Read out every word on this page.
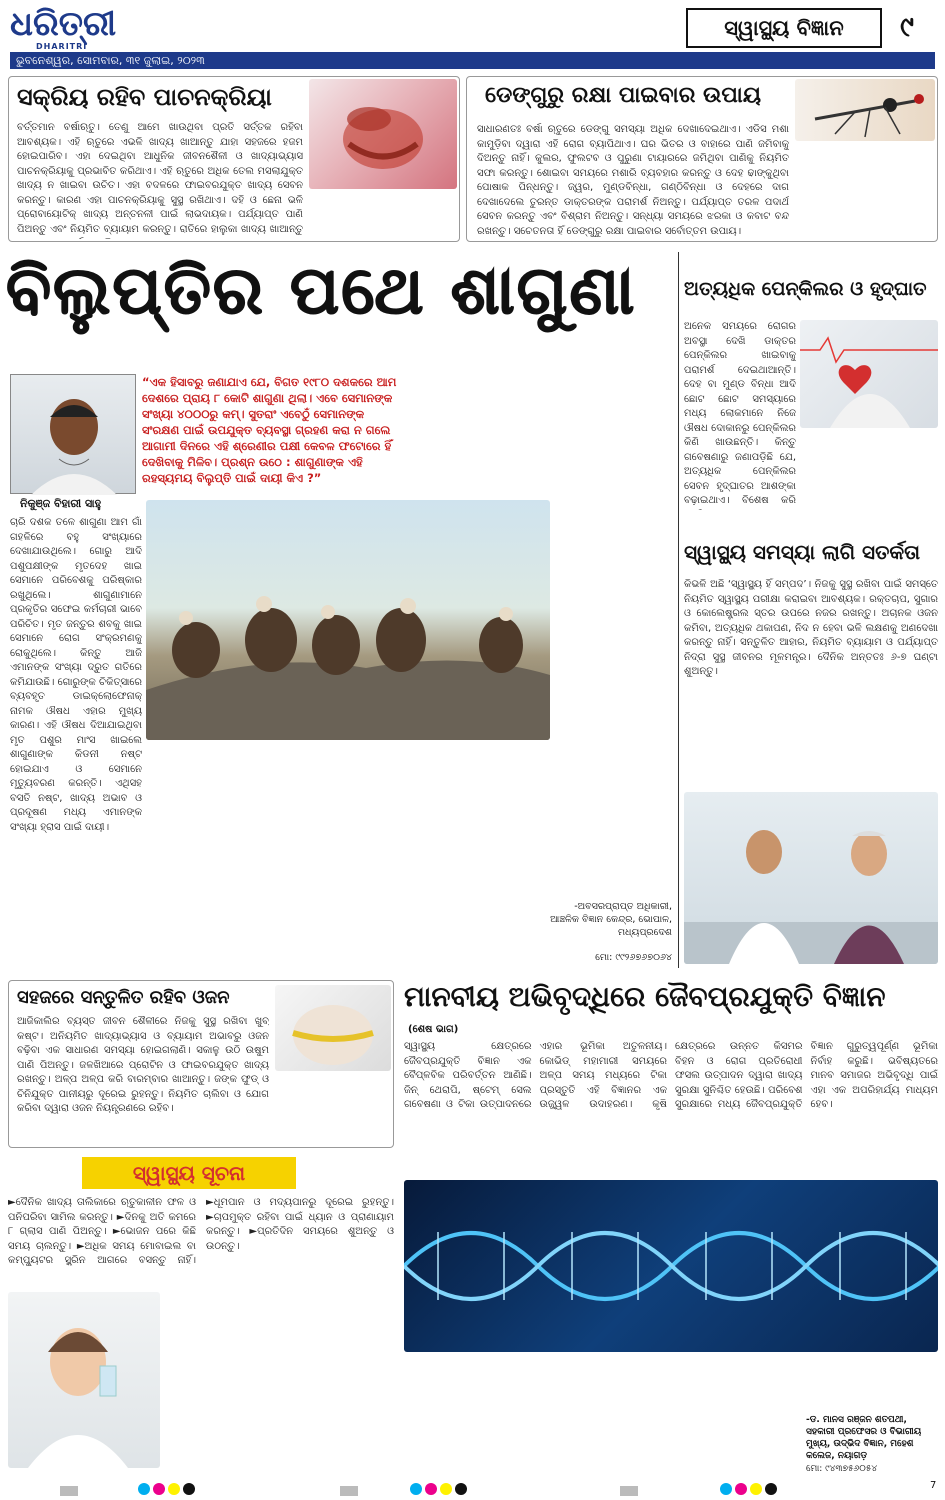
ଧରିତ୍ରୀ
DHARITRI
ସ୍ୱାସ୍ଥ୍ୟ ବିଜ୍ଞାନ	୯
ଭୁବନେଶ୍ୱର, ସୋମବାର, ୩୧ ଜୁଲାଇ, ୨୦୨୩
ସକ୍ରିୟ ରହିବ ପାଚନକ୍ରିୟା
ବର୍ତ୍ତମାନ ବର୍ଷାଋତୁ। ତେଣୁ ଆମେ ଖାଉଥିବା ପ୍ରତି ସର୍ତ୍ତକ ରହିବା ଆବଶ୍ୟକ। ଏହି ଋତୁରେ ଏଭଳି ଖାଦ୍ୟ ଖାଆନ୍ତୁ ଯାହା ସହଜରେ ହଜମ ହୋଇପାରିବ। ଏହା ଦେଇଥିବା ଆଧୁନିକ ଜୀବନଶୈଳୀ ଓ ଖାଦ୍ୟାଭ୍ୟାସ ପାଚନକ୍ରିୟାକୁ ପ୍ରଭାବିତ କରିଥାଏ। ଏହି ଋତୁରେ ଅଧିକ ତେଲ ମସଲାଯୁକ୍ତ ଖାଦ୍ୟ ନ ଖାଇବା ଉଚିତ। ଏହା ବଦଳରେ ଫାଇବରଯୁକ୍ତ ଖାଦ୍ୟ ସେବନ କରନ୍ତୁ। କାରଣ ଏହା ପାଚନକ୍ରିୟାକୁ ସୁସ୍ଥ ରଖିଥାଏ। ଦହି ଓ ଛେନା ଭଳି ପ୍ରୋବାୟୋଟିକ୍ ଖାଦ୍ୟ ଅନ୍ତନଳୀ ପାଇଁ ଲାଭଦାୟକ। ପର୍ଯ୍ୟାପ୍ତ ପାଣି ପିଅନ୍ତୁ ଏବଂ ନିୟମିତ ବ୍ୟାୟାମ କରନ୍ତୁ। ରାତିରେ ହାଲୁକା ଖାଦ୍ୟ ଖାଆନ୍ତୁ
ଡେଙ୍ଗୁରୁ ରକ୍ଷା ପାଇବାର ଉପାୟ
ସାଧାରଣତଃ ବର୍ଷା ଋତୁରେ ଡେଙ୍ଗୁ ସମସ୍ୟା ଅଧିକ ଦେଖାଦେଇଥାଏ। ଏଡିସ ମଶା କାମୁଡ଼ିବା ଦ୍ୱାରା ଏହି ରୋଗ ବ୍ୟାପିଥାଏ। ଘର ଭିତର ଓ ବାହାରେ ପାଣି ଜମିବାକୁ ଦିଅନ୍ତୁ ନାହିଁ। କୁଲର, ଫୁଲଟବ ଓ ପୁରୁଣା ଟାୟାରରେ ଜମିଥିବା ପାଣିକୁ ନିୟମିତ ସଫା କରନ୍ତୁ। ଶୋଇବା ସମୟରେ ମଶାରି ବ୍ୟବହାର କରନ୍ତୁ ଓ ଦେହ ଢାଙ୍କୁଥିବା ପୋଷାକ ପିନ୍ଧନ୍ତୁ। ଜ୍ୱର, ମୁଣ୍ଡବିନ୍ଧା, ଗଣ୍ଠିବିନ୍ଧା ଓ ଦେହରେ ଦାଗ ଦେଖାଦେଲେ ତୁରନ୍ତ ଡାକ୍ତରଙ୍କ ପରାମର୍ଶ ନିଅନ୍ତୁ। ପର୍ଯ୍ୟାପ୍ତ ତରଳ ପଦାର୍ଥ ସେବନ କରନ୍ତୁ ଏବଂ ବିଶ୍ରାମ ନିଅନ୍ତୁ। ସନ୍ଧ୍ୟା ସମୟରେ ଝରକା ଓ କବାଟ ବନ୍ଦ ରଖନ୍ତୁ। ସଚେତନତା ହିଁ ଡେଙ୍ଗୁରୁ ରକ୍ଷା ପାଇବାର ସର୍ବୋତ୍ତମ ଉପାୟ।
ବିଲୁପ୍ତିର ପଥେ ଶାଗୁଣା
ନିକୁଞ୍ଜ ବିହାରୀ ସାହୁ
“ଏକ ହିସାବରୁ ଜଣାଯାଏ ଯେ, ବିଗତ ୧୯୮୦ ଦଶକରେ ଆମ ଦେଶରେ ପ୍ରାୟ ୮ କୋଟି ଶାଗୁଣା ଥିଲା। ଏବେ ସେମାନଙ୍କ ସଂଖ୍ୟା ୪୦୦୦ରୁ କମ୍। ସୁତରାଂ ଏବେଠୁଁ ସେମାନଙ୍କ ସଂରକ୍ଷଣ ପାଇଁ ଉପଯୁକ୍ତ ବ୍ୟବସ୍ଥା ଗ୍ରହଣ କରା ନ ଗଲେ ଆଗାମୀ ଦିନରେ ଏହି ଶ୍ରେଣୀର ପକ୍ଷୀ କେବଳ ଫଟୋରେ ହିଁ ଦେଖିବାକୁ ମିଳିବ। ପ୍ରଶ୍ନ ଉଠେ : ଶାଗୁଣାଙ୍କ ଏହି ରହସ୍ୟମୟ ବିଲୁପ୍ତି ପାଇଁ ଦାୟୀ କିଏ ?”
ଚାରି ଦଶକ ତଳେ ଶାଗୁଣା ଆମ ଗାଁ ଗହଳିରେ ବହୁ ସଂଖ୍ୟାରେ ଦେଖାଯାଉଥିଲେ। ଗୋରୁ ଆଦି ପଶୁପକ୍ଷୀଙ୍କ ମୃତଦେହ ଖାଇ ସେମାନେ ପରିବେଶକୁ ପରିଷ୍କାର ରଖୁଥିଲେ। ଶାଗୁଣାମାନେ ପ୍ରକୃତିର ସଫେଇ କର୍ମଚାରୀ ଭାବେ ପରିଚିତ। ମୃତ ଜନ୍ତୁର ଶବକୁ ଖାଇ ସେମାନେ ରୋଗ ସଂକ୍ରମଣକୁ ରୋକୁଥିଲେ। କିନ୍ତୁ ଆଜି ଏମାନଙ୍କ ସଂଖ୍ୟା ଦ୍ରୁତ ଗତିରେ କମିଯାଉଛି। ଗୋରୁଙ୍କ ଚିକିତ୍ସାରେ ବ୍ୟବହୃତ ଡାଇକ୍ଲୋଫେନାକ୍ ନାମକ ଔଷଧ ଏହାର ମୁଖ୍ୟ କାରଣ। ଏହି ଔଷଧ ଦିଆଯାଇଥିବା ମୃତ ପଶୁର ମାଂସ ଖାଇଲେ ଶାଗୁଣାଙ୍କ କିଡନୀ ନଷ୍ଟ ହୋଇଯାଏ ଓ ସେମାନେ ମୃତ୍ୟୁବରଣ କରନ୍ତି। ଏଥିସହ ବସତି ନଷ୍ଟ, ଖାଦ୍ୟ ଅଭାବ ଓ ପ୍ରଦୂଷଣ ମଧ୍ୟ ଏମାନଙ୍କ ସଂଖ୍ୟା ହ୍ରାସ ପାଇଁ ଦାୟୀ।
-ଅବସରପ୍ରାପ୍ତ ଅଧିକାରୀ, ଆଞ୍ଚଳିକ ବିଜ୍ଞାନ କେନ୍ଦ୍ର, ଭୋପାଳ, ମଧ୍ୟପ୍ରଦେଶ
ମୋ: ୯୯୨୬୭୬୭୦୬୪
ଅତ୍ୟଧିକ ପେନ୍‌କିଲର ଓ ହୃଦ୍‌ଘାତ
ଅନେକ ସମୟରେ ରୋଗର ଅବସ୍ଥା ଦେଖି ଡାକ୍ତର ପେନ୍‌କିଲର ଖାଇବାକୁ ପରାମର୍ଶ ଦେଇଥାଆନ୍ତି। ଦେହ ବା ମୁଣ୍ଡ ବିନ୍ଧା ଆଦି ଛୋଟ ଛୋଟ ସମସ୍ୟାରେ ମଧ୍ୟ ଲୋକମାନେ ନିଜେ ଔଷଧ ଦୋକାନରୁ ପେନ୍‌କିଲର କିଣି ଖାଉଛନ୍ତି। କିନ୍ତୁ ଗବେଷଣାରୁ ଜଣାପଡ଼ିଛି ଯେ, ଅତ୍ୟଧିକ ପେନ୍‌କିଲର ସେବନ ହୃଦ୍‌ଘାତର ଆଶଙ୍କା ବଢ଼ାଇଥାଏ। ବିଶେଷ କରି
ସ୍ୱାସ୍ଥ୍ୟ ସମସ୍ୟା ଲାଗି ସତର୍କତା
କିଭଳି ଅଛି ‘ସ୍ୱାସ୍ଥ୍ୟ ହିଁ ସମ୍ପଦ’। ନିଜକୁ ସୁସ୍ଥ ରଖିବା ପାଇଁ ସମସ୍ତେ ନିୟମିତ ସ୍ୱାସ୍ଥ୍ୟ ପରୀକ୍ଷା କରାଇବା ଆବଶ୍ୟକ। ରକ୍ତଚାପ, ସୁଗାର ଓ କୋଲେଷ୍ଟ୍ରଲ ସ୍ତର ଉପରେ ନଜର ରଖନ୍ତୁ। ଅଚାନକ ଓଜନ କମିବା, ଅତ୍ୟଧିକ ଥକାପଣ, ନିଦ ନ ହେବା ଭଳି ଲକ୍ଷଣକୁ ଅଣଦେଖା କରନ୍ତୁ ନାହିଁ। ସନ୍ତୁଳିତ ଆହାର, ନିୟମିତ ବ୍ୟାୟାମ ଓ ପର୍ଯ୍ୟାପ୍ତ ନିଦ୍ରା ସୁସ୍ଥ ଜୀବନର ମୂଳମନ୍ତ୍ର। ଦୈନିକ ଅନ୍ତତଃ ୬-୭ ଘଣ୍ଟା ଶୁଅନ୍ତୁ।
ସହଜରେ ସନ୍ତୁଳିତ ରହିବ ଓଜନ
ଆଜିକାଲିର ବ୍ୟସ୍ତ ଜୀବନ ଶୈଳୀରେ ନିଜକୁ ସୁସ୍ଥ ରଖିବା ଖୁବ୍ କଷ୍ଟ। ଅନିୟମିତ ଖାଦ୍ୟାଭ୍ୟାସ ଓ ବ୍ୟାୟାମ ଅଭାବରୁ ଓଜନ ବଢ଼ିବା ଏକ ସାଧାରଣ ସମସ୍ୟା ହୋଇଗଲାଣି। ସକାଳୁ ଉଠି ଉଷୁମ ପାଣି ପିଅନ୍ତୁ। ଜଳଖିଆରେ ପ୍ରୋଟିନ ଓ ଫାଇବରଯୁକ୍ତ ଖାଦ୍ୟ ରଖନ୍ତୁ। ଅଳ୍ପ ଅଳ୍ପ କରି ବାରମ୍ବାର ଖାଆନ୍ତୁ। ଜଙ୍କ ଫୁଡ୍ ଓ ଚିନିଯୁକ୍ତ ପାନୀୟରୁ ଦୂରେଇ ରୁହନ୍ତୁ। ନିୟମିତ ଚାଲିବା ଓ ଯୋଗ କରିବା ଦ୍ୱାରା ଓଜନ ନିୟନ୍ତ୍ରଣରେ ରହିବ।
ସ୍ୱାସ୍ଥ୍ୟ ସୂଚନା
►ଦୈନିକ ଖାଦ୍ୟ ତାଲିକାରେ ଋତୁକାଳୀନ ଫଳ ଓ ପନିପରିବା ସାମିଲ କରନ୍ତୁ। ►ଦିନକୁ ଅତି କମରେ ୮ ଗ୍ଲାସ ପାଣି ପିଅନ୍ତୁ। ►ଭୋଜନ ପରେ କିଛି ସମୟ ଚାଲନ୍ତୁ। ►ଅଧିକ ସମୟ ମୋବାଇଲ ବା କମ୍ପ୍ୟୁଟର ସ୍କ୍ରିନ ଆଗରେ ବସନ୍ତୁ ନାହିଁ। ►ଧୂମପାନ ଓ ମଦ୍ୟପାନରୁ ଦୂରେଇ ରୁହନ୍ତୁ। ►ଚାପମୁକ୍ତ ରହିବା ପାଇଁ ଧ୍ୟାନ ଓ ପ୍ରାଣାୟାମ କରନ୍ତୁ। ►ପ୍ରତିଦିନ ସମୟରେ ଶୁଅନ୍ତୁ ଓ ଉଠନ୍ତୁ।
ମାନବୀୟ ଅଭିବୃଦ୍ଧିରେ ଜୈବପ୍ରଯୁକ୍ତି ବିଜ୍ଞାନ
(ଶେଷ ଭାଗ)
ସ୍ୱାସ୍ଥ୍ୟ କ୍ଷେତ୍ରରେ ଜୈବପ୍ରଯୁକ୍ତି ବିଜ୍ଞାନ ଏକ ବୈପ୍ଳବିକ ପରିବର୍ତ୍ତନ ଆଣିଛି। ଜିନ୍ ଥେରାପି, ଷ୍ଟେମ୍ ସେଲ ଗବେଷଣା ଓ ଟିକା ଉତ୍ପାଦନରେ ଏହାର ଭୂମିକା ଅତୁଳନୀୟ। କୋଭିଡ୍ ମହାମାରୀ ସମୟରେ ଅଳ୍ପ ସମୟ ମଧ୍ୟରେ ଟିକା ପ୍ରସ୍ତୁତି ଏହି ବିଜ୍ଞାନର ଏକ ଉଜ୍ଜ୍ୱଳ ଉଦାହରଣ। କୃଷି କ୍ଷେତ୍ରରେ ଉନ୍ନତ କିସମର ବିହନ ଓ ରୋଗ ପ୍ରତିରୋଧୀ ଫସଲ ଉତ୍ପାଦନ ଦ୍ୱାରା ଖାଦ୍ୟ ସୁରକ୍ଷା ସୁନିଶ୍ଚିତ ହେଉଛି। ପରିବେଶ ସୁରକ୍ଷାରେ ମଧ୍ୟ ଜୈବପ୍ରଯୁକ୍ତି ବିଜ୍ଞାନ ଗୁରୁତ୍ୱପୂର୍ଣ୍ଣ ଭୂମିକା ନିର୍ବାହ କରୁଛି। ଭବିଷ୍ୟତରେ ମାନବ ସମାଜର ଅଭିବୃଦ୍ଧି ପାଇଁ ଏହା ଏକ ଅପରିହାର୍ଯ୍ୟ ମାଧ୍ୟମ ହେବ।
-ଡ. ମାନସ ରଞ୍ଜନ ଶତପଥୀ, ସହକାରୀ ପ୍ରଫେସର ଓ ବିଭାଗୀୟ ମୁଖ୍ୟ, ଉଦ୍ଭିଦ ବିଜ୍ଞାନ, ମହେଶ କଲେଜ, ନୟାଗଡ଼
ମୋ: ୯୪୩୭୫୬୦୫୪
7
